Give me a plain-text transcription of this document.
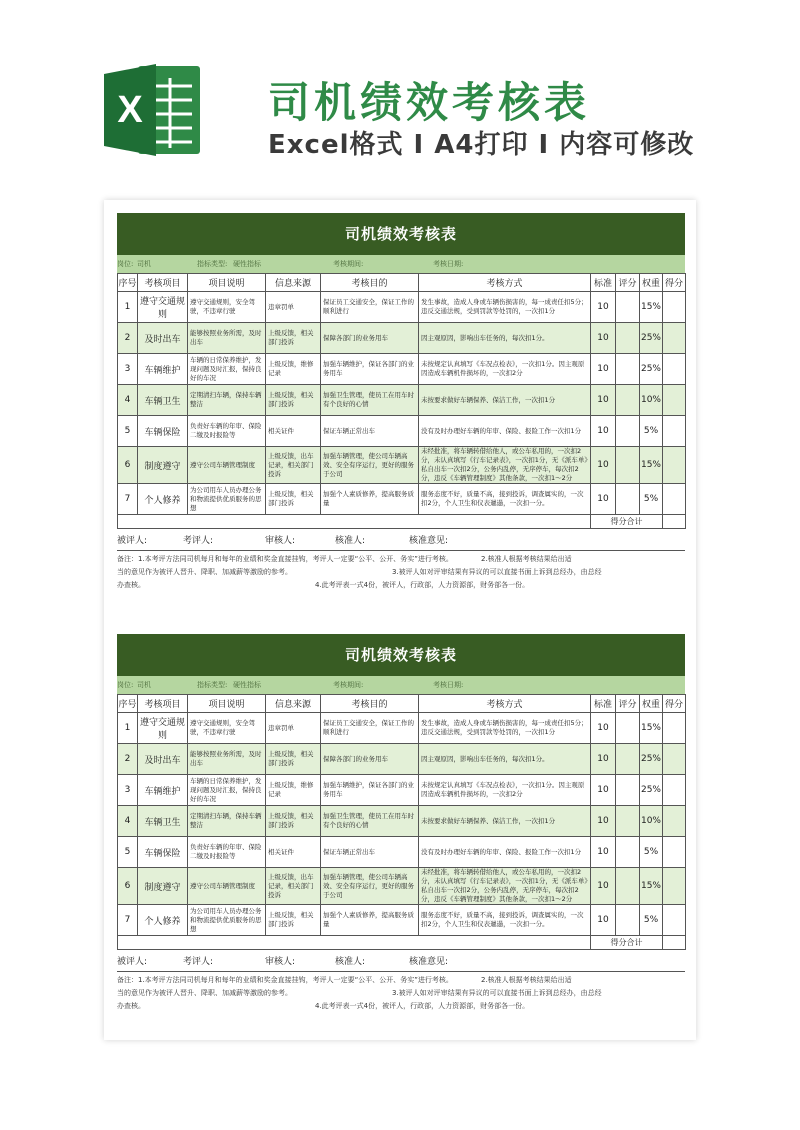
X	司机绩效考核表
Excel格式 I A4打印 I 内容可修改
司机绩效考核表
岗位: 司机	指标类型: 硬性指标	考核期间:	考核日期:
序号	考核项目	项目说明	信息来源	考核目的	考核方式	标准	评分	权重	得分
1	遵守交通规则	遵守交通规则，安全驾驶，不违章行驶	违章罚单	保证员工交通安全，保证工作的顺利进行	发生事故，造成人身或车辆伤损害的，每一成责任扣5分；违反交通法规，受到罚款等处罚的，一次扣1分	10		15%	
2	及时出车	能够按照业务所需，及时出车	上级反馈，相关部门投诉	保障各部门的业务用车	因主观原因，影响出车任务的，每次扣1分。	10		25%	
3	车辆维护	车辆的日常保养维护，发现问题及时汇报，保持良好的车况	上级反馈，维修记录	加强车辆维护，保证各部门的业务用车	未按规定认真填写《车况点检表》，一次扣1分。因主观原因造成车辆机件损坏的，一次扣2分	10		25%	
4	车辆卫生	定期清扫车辆，保持车辆整洁	上级反馈，相关部门投诉	加强卫生管理，使员工在用车时有个良好的心情	未按要求做好车辆保养、保洁工作，一次扣1分	10		10%	
5	车辆保险	负责好车辆的年审、保险二缴及时报险等	相关证件	保证车辆正常出车	没有及时办理好车辆的年审、保险、报险工作一次扣1分	10		5%	
6	制度遵守	遵守公司车辆管理制度	上级反馈，出车记录，相关部门投诉	加强车辆管理，使公司车辆高效、安全有序运行，更好的服务于公司	未经批准，将车辆转借给他人，或公车私用的，一次扣2分，未认真填写《行车记录表》，一次扣1分，无《派车单》私自出车一次扣2分，公务内乱停，无序停车，每次扣2分，违反《车辆管理制度》其他条款，一次扣1～2分	10		15%	
7	个人修养	为公司用车人员办理公务和物流提供优质服务的思想	上级反馈，相关部门投诉	加强个人素质修养，提高服务质量	服务态度不好，质量不高，接到投诉，调查属实的，一次扣2分，个人卫生和仪表邋遢，一次扣一分。	10		5%	
						得分合计			
被评人:	考评人:	审核人:	核准人:	核准意见:
备注：1.本考评方法同司机每月和每年的业绩和奖金直接挂钩，考评人一定要“公平、公开、务实”进行考核。	2.核准人根据考核结果给出适
当的意见作为被评人晋升、降职、加减薪等激励的参考。	3.被评人如对评审结果有异议的可以直接书面上诉到总经办，由总经
办查核。	4.此考评表一式4份，被评人，行政部，人力资源部，财务部各一份。
司机绩效考核表
岗位: 司机	指标类型: 硬性指标	考核期间:	考核日期:
序号	考核项目	项目说明	信息来源	考核目的	考核方式	标准	评分	权重	得分
1	遵守交通规则	遵守交通规则，安全驾驶，不违章行驶	违章罚单	保证员工交通安全，保证工作的顺利进行	发生事故，造成人身或车辆伤损害的，每一成责任扣5分；违反交通法规，受到罚款等处罚的，一次扣1分	10		15%	
2	及时出车	能够按照业务所需，及时出车	上级反馈，相关部门投诉	保障各部门的业务用车	因主观原因，影响出车任务的，每次扣1分。	10		25%	
3	车辆维护	车辆的日常保养维护，发现问题及时汇报，保持良好的车况	上级反馈，维修记录	加强车辆维护，保证各部门的业务用车	未按规定认真填写《车况点检表》，一次扣1分。因主观原因造成车辆机件损坏的，一次扣2分	10		25%	
4	车辆卫生	定期清扫车辆，保持车辆整洁	上级反馈，相关部门投诉	加强卫生管理，使员工在用车时有个良好的心情	未按要求做好车辆保养、保洁工作，一次扣1分	10		10%	
5	车辆保险	负责好车辆的年审、保险二缴及时报险等	相关证件	保证车辆正常出车	没有及时办理好车辆的年审、保险、报险工作一次扣1分	10		5%	
6	制度遵守	遵守公司车辆管理制度	上级反馈，出车记录，相关部门投诉	加强车辆管理，使公司车辆高效、安全有序运行，更好的服务于公司	未经批准，将车辆转借给他人，或公车私用的，一次扣2分，未认真填写《行车记录表》，一次扣1分，无《派车单》私自出车一次扣2分，公务内乱停，无序停车，每次扣2分，违反《车辆管理制度》其他条款，一次扣1～2分	10		15%	
7	个人修养	为公司用车人员办理公务和物流提供优质服务的思想	上级反馈，相关部门投诉	加强个人素质修养，提高服务质量	服务态度不好，质量不高，接到投诉，调查属实的，一次扣2分，个人卫生和仪表邋遢，一次扣一分。	10		5%	
						得分合计			
被评人:	考评人:	审核人:	核准人:	核准意见:
备注：1.本考评方法同司机每月和每年的业绩和奖金直接挂钩，考评人一定要“公平、公开、务实”进行考核。	2.核准人根据考核结果给出适
当的意见作为被评人晋升、降职、加减薪等激励的参考。	3.被评人如对评审结果有异议的可以直接书面上诉到总经办，由总经
办查核。	4.此考评表一式4份，被评人，行政部，人力资源部，财务部各一份。
